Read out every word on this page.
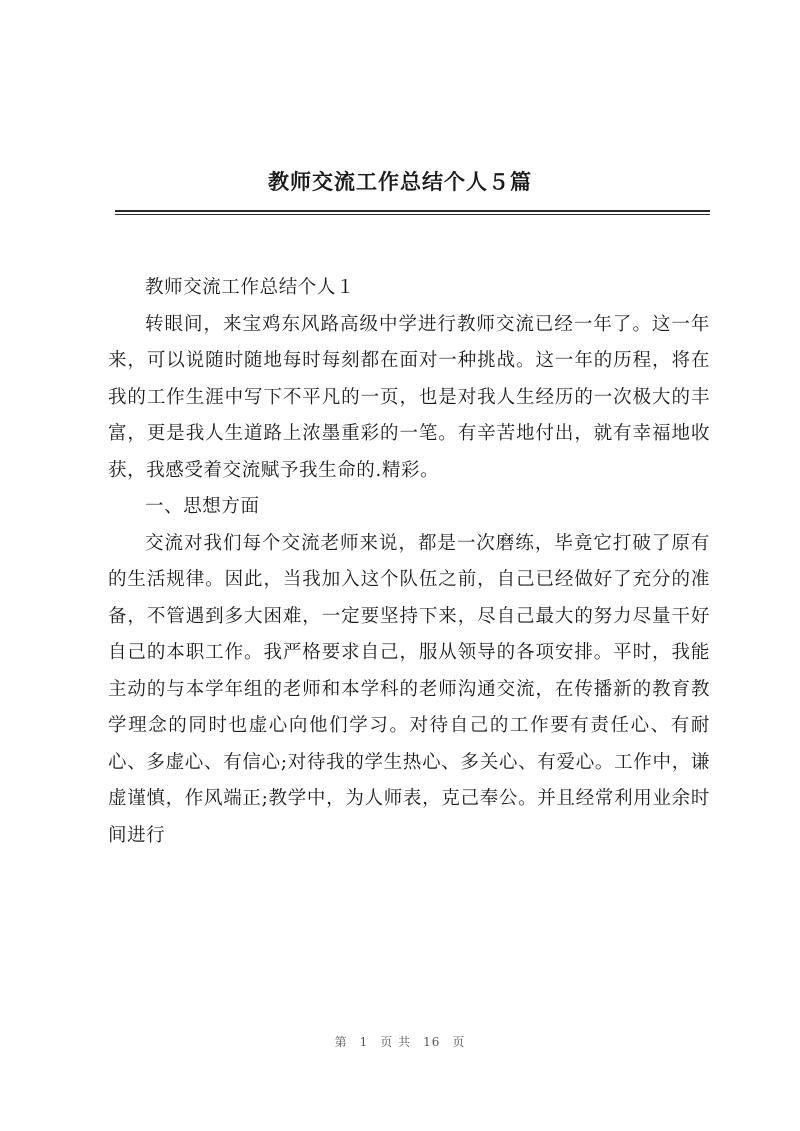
教师交流工作总结个人５篇

教师交流工作总结个人１

转眼间，来宝鸡东风路高级中学进行教师交流已经一年了。这一年来，可以说随时随地每时每刻都在面对一种挑战。这一年的历程，将在我的工作生涯中写下不平凡的一页，也是对我人生经历的一次极大的丰富，更是我人生道路上浓墨重彩的一笔。有辛苦地付出，就有幸福地收获，我感受着交流赋予我生命的.精彩。

一、思想方面

交流对我们每个交流老师来说，都是一次磨练，毕竟它打破了原有的生活规律。因此，当我加入这个队伍之前，自己已经做好了充分的准备，不管遇到多大困难，一定要坚持下来，尽自己最大的努力尽量干好自己的本职工作。我严格要求自己，服从领导的各项安排。平时，我能主动的与本学年组的老师和本学科的老师沟通交流，在传播新的教育教学理念的同时也虚心向他们学习。对待自己的工作要有责任心、有耐心、多虚心、有信心;对待我的学生热心、多关心、有爱心。工作中，谦虚谨慎，作风端正;教学中，为人师表，克己奉公。并且经常利用业余时间进行

第 1 页 共 16 页
